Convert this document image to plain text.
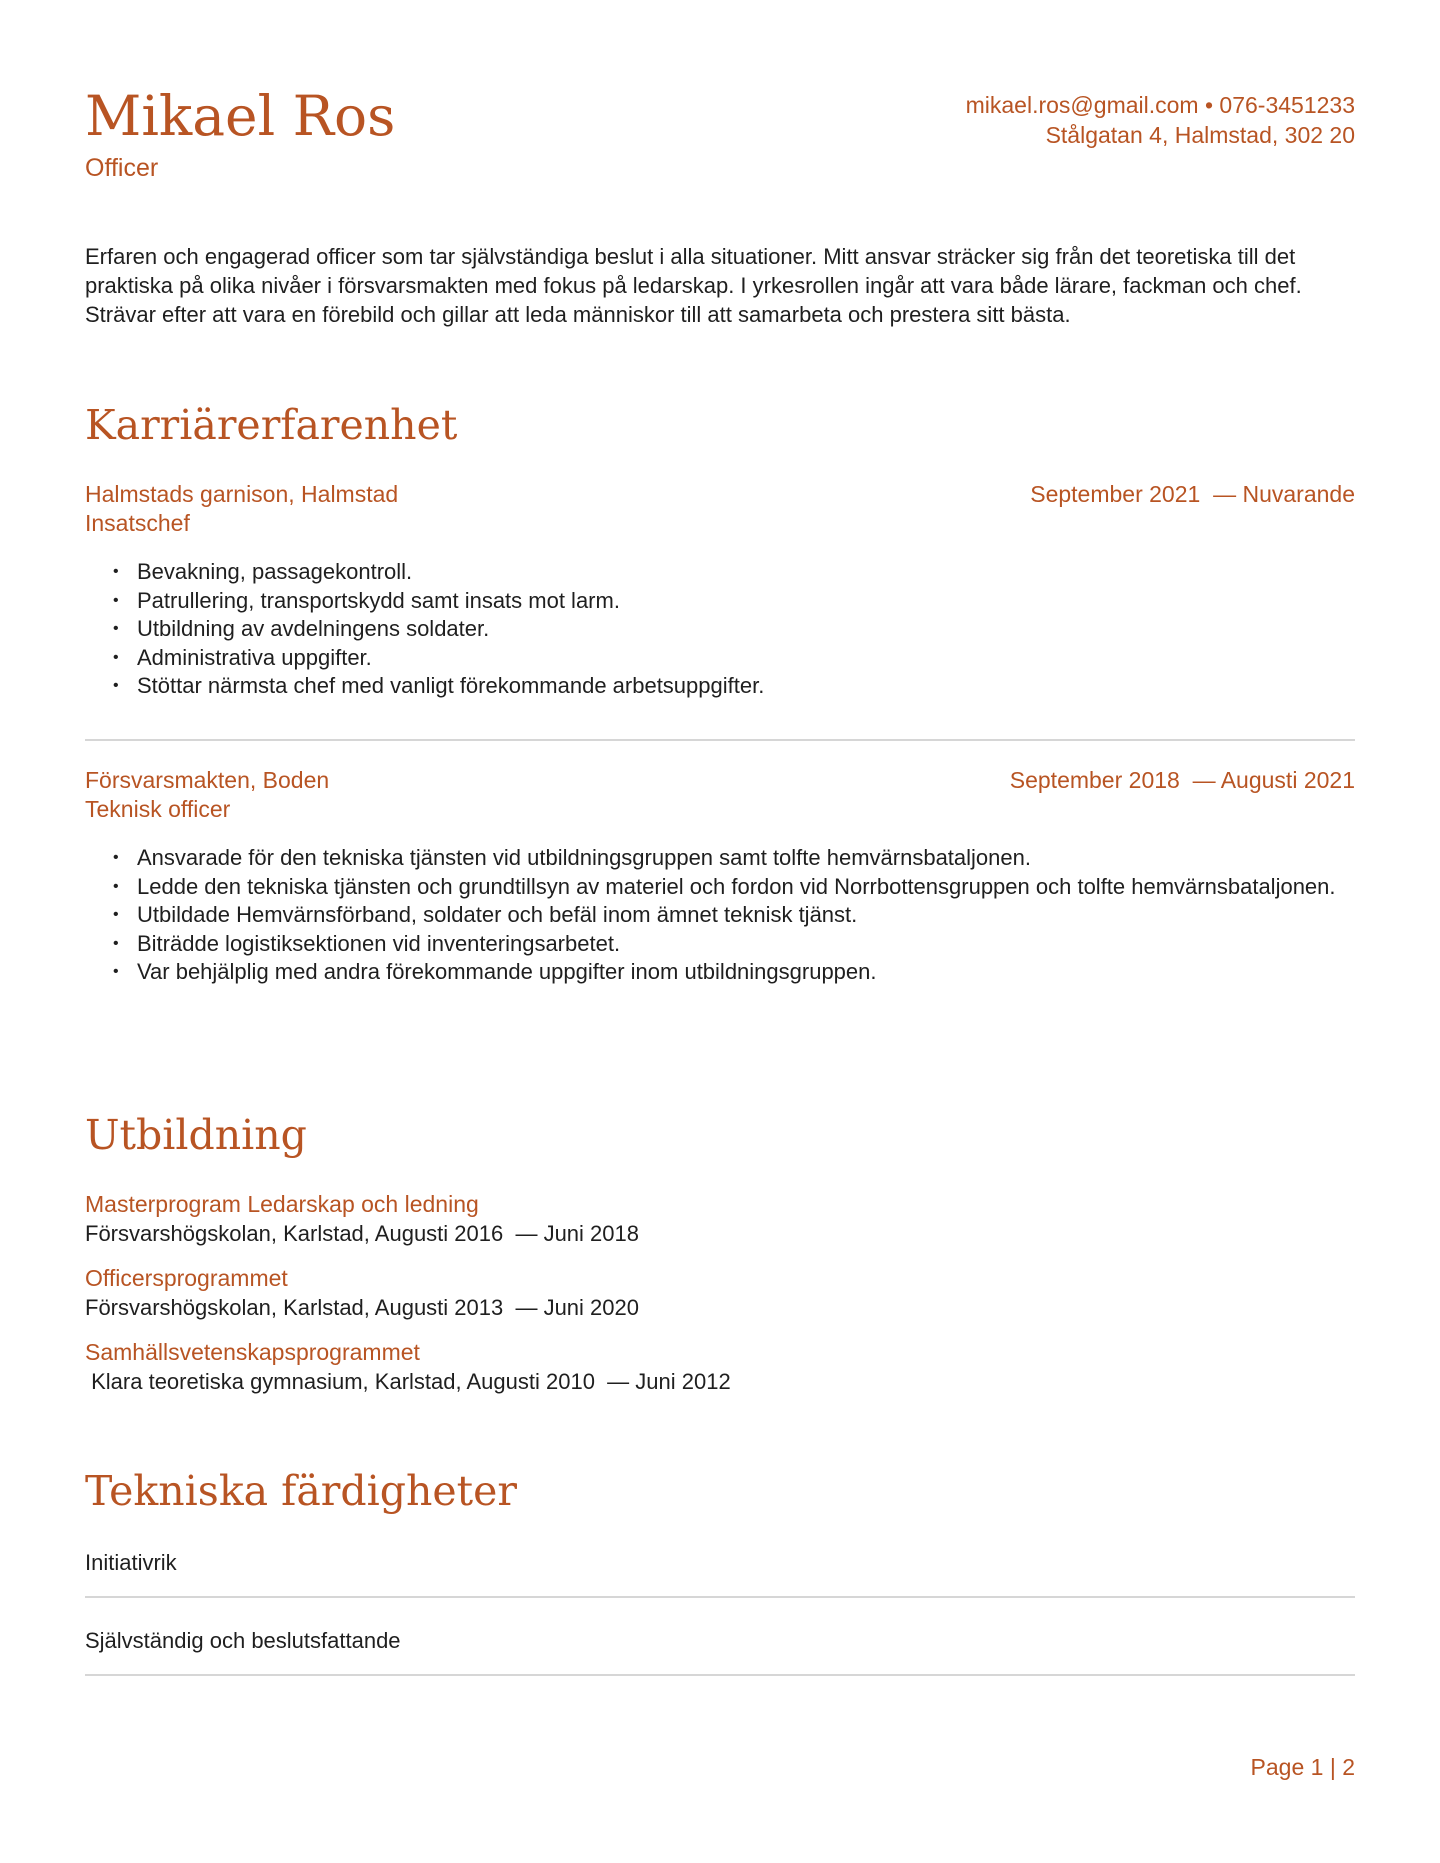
Mikael Ros
Officer
mikael.ros@gmail.com • 076-3451233
Stålgatan 4, Halmstad, 302 20

Erfaren och engagerad officer som tar självständiga beslut i alla situationer. Mitt ansvar sträcker sig från det teoretiska till det praktiska på olika nivåer i försvarsmakten med fokus på ledarskap. I yrkesrollen ingår att vara både lärare, fackman och chef. Strävar efter att vara en förebild och gillar att leda människor till att samarbeta och prestera sitt bästa.

Karriärerfarenhet
Halmstads garnison, Halmstad
Insatschef
September 2021  — Nuvarande
• Bevakning, passagekontroll.
• Patrullering, transportskydd samt insats mot larm.
• Utbildning av avdelningens soldater.
• Administrativa uppgifter.
• Stöttar närmsta chef med vanligt förekommande arbetsuppgifter.
Försvarsmakten, Boden
Teknisk officer
September 2018  — Augusti 2021
• Ansvarade för den tekniska tjänsten vid utbildningsgruppen samt tolfte hemvärnsbataljonen.
• Ledde den tekniska tjänsten och grundtillsyn av materiel och fordon vid Norrbottensgruppen och tolfte hemvärnsbataljonen.
• Utbildade Hemvärnsförband, soldater och befäl inom ämnet teknisk tjänst.
• Biträdde logistiksektionen vid inventeringsarbetet.
• Var behjälplig med andra förekommande uppgifter inom utbildningsgruppen.
Utbildning
Masterprogram Ledarskap och ledning
Försvarshögskolan, Karlstad, Augusti 2016  — Juni 2018
Officersprogrammet
Försvarshögskolan, Karlstad, Augusti 2013  — Juni 2020
Samhällsvetenskapsprogrammet
Klara teoretiska gymnasium, Karlstad, Augusti 2010  — Juni 2012
Tekniska färdigheter
Initiativrik
Självständig och beslutsfattande
Page 1 | 2
